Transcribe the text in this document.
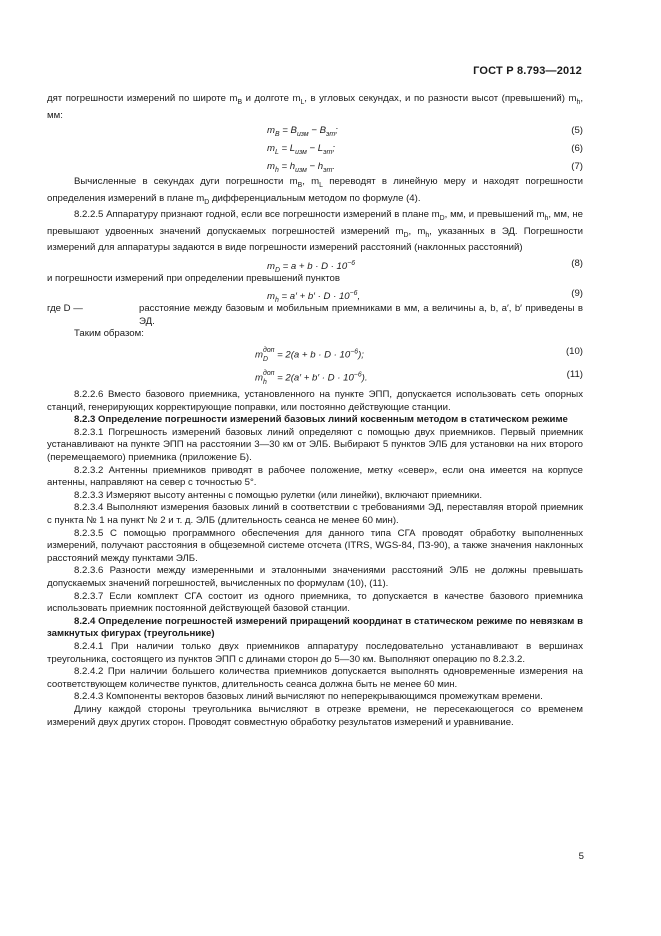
ГОСТ Р 8.793—2012
дят погрешности измерений по широте $m_B$ и долготе $m_L$, в угловых секундах, и по разности высот (превышений) $m_h$, мм:
$m_B = B_{изм} - B_{эт}$;	(5)
$m_L = L_{изм} - L_{эт}$;	(6)
$m_h = h_{изм} - h_{эт}$.	(7)
Вычисленные в секундах дуги погрешности $m_B$, $m_L$ переводят в линейную меру и находят погрешности определения измерений в плане $m_D$ дифференциальным методом по формуле (4).
8.2.2.5 Аппаратуру признают годной, если все погрешности измерений в плане $m_D$, мм, и превышений $m_h$, мм, не превышают удвоенных значений допускаемых погрешностей измерений $m_D$, $m_h$, указанных в ЭД. Погрешности измерений для аппаратуры задаются в виде погрешности измерений расстояний (наклонных расстояний)
$m_D = a + b \cdot D \cdot 10^{-6}$	(8)
и погрешности измерений при определении превышений пунктов
$m_h = a' + b' \cdot D \cdot 10^{-6}$,	(9)
где D —	расстояние между базовым и мобильным приемниками в мм, а величины a, b, a′, b′ приведены в ЭД.
Таким образом:
m доп
$D = 2(a + b \cdot D \cdot 10^{-6})$;	(10)
m доп
$h = 2(a' + b' \cdot D \cdot 10^{-6})$.	(11)
8.2.2.6 Вместо базового приемника, установленного на пункте ЭПП, допускается использовать сеть опорных станций, генерирующих корректирующие поправки, или постоянно действующие станции.
8.2.3 Определение погрешности измерений базовых линий косвенным методом в статическом режиме
8.2.3.1 Погрешность измерений базовых линий определяют с помощью двух приемников. Первый приемник устанавливают на пункте ЭПП на расстоянии 3—30 км от ЭЛБ. Выбирают 5 пунктов ЭЛБ для установки на них второго (перемещаемого) приемника (приложение Б).
8.2.3.2 Антенны приемников приводят в рабочее положение, метку «север», если она имеется на корпусе антенны, направляют на север с точностью 5°.
8.2.3.3 Измеряют высоту антенны с помощью рулетки (или линейки), включают приемники.
8.2.3.4 Выполняют измерения базовых линий в соответствии с требованиями ЭД, переставляя второй приемник с пункта № 1 на пункт № 2 и т. д. ЭЛБ (длительность сеанса не менее 60 мин).
8.2.3.5 С помощью программного обеспечения для данного типа СГА проводят обработку выполненных измерений, получают расстояния в общеземной системе отсчета (ITRS, WGS-84, ПЗ-90), а также значения наклонных расстояний между пунктами ЭЛБ.
8.2.3.6 Разности между измеренными и эталонными значениями расстояний ЭЛБ не должны превышать допускаемых значений погрешностей, вычисленных по формулам (10), (11).
8.2.3.7 Если комплект СГА состоит из одного приемника, то допускается в качестве базового приемника использовать приемник постоянной действующей базовой станции.
8.2.4 Определение погрешностей измерений приращений координат в статическом режиме по невязкам в замкнутых фигурах (треугольнике)
8.2.4.1 При наличии только двух приемников аппаратуру последовательно устанавливают в вершинах треугольника, состоящего из пунктов ЭПП с длинами сторон до 5—30 км. Выполняют операцию по 8.2.3.2.
8.2.4.2 При наличии большего количества приемников допускается выполнять одновременные измерения на соответствующем количестве пунктов, длительность сеанса должна быть не менее 60 мин.
8.2.4.3 Компоненты векторов базовых линий вычисляют по неперекрывающимся промежуткам времени.
Длину каждой стороны треугольника вычисляют в отрезке времени, не пересекающегося со временем измерений двух других сторон. Проводят совместную обработку результатов измерений и уравнивание.
5
